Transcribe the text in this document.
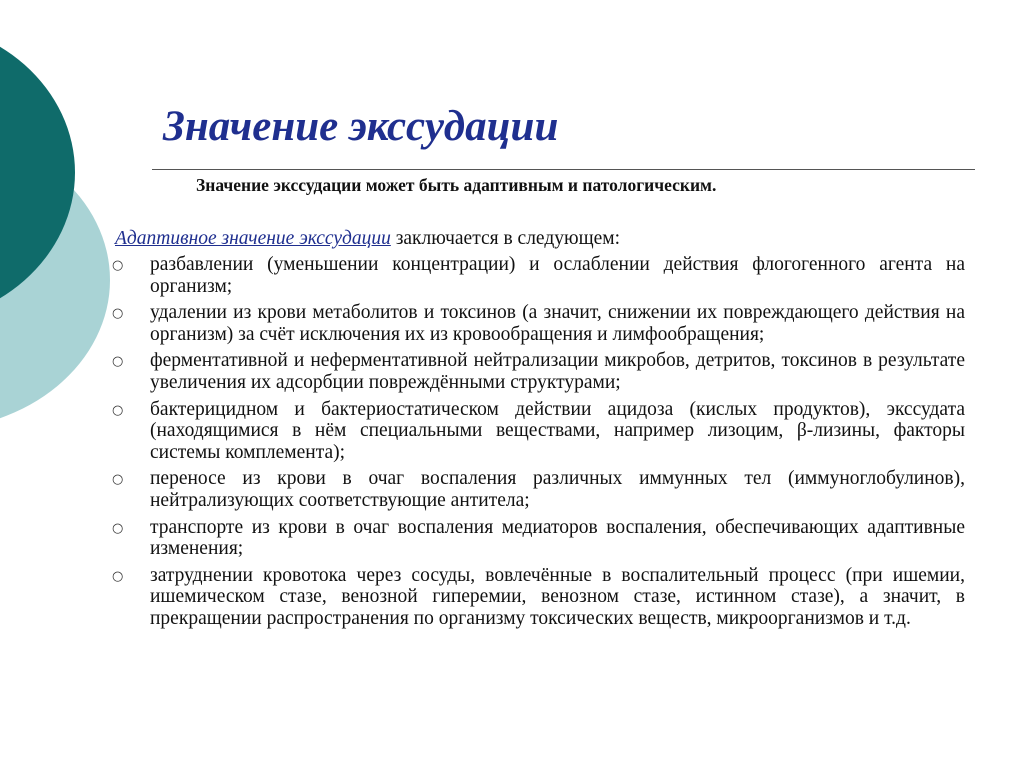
Значение экссудации
Значение экссудации может быть адаптивным и патологическим.
Адаптивное значение экссудации заключается в следующем:
○ разбавлении (уменьшении концентрации) и ослаблении действия флогогенного агента на организм;
○ удалении из крови метаболитов и токсинов (а значит, снижении их повреждающего действия на организм) за счёт исключения их из кровообращения и лимфообращения;
○ ферментативной и неферментативной нейтрализации микробов, детритов, токсинов в результате увеличения их адсорбции повреждёнными структурами;
○ бактерицидном и бактериостатическом действии ацидоза (кислых продуктов), экссудата (находящимися в нём специальными веществами, например лизоцим, β-лизины, факторы системы комплемента);
○ переносе из крови в очаг воспаления различных иммунных тел (иммуноглобулинов), нейтрализующих соответствующие антитела;
○ транспорте из крови в очаг воспаления медиаторов воспаления, обеспечивающих адаптивные изменения;
○ затруднении кровотока через сосуды, вовлечённые в воспалительный процесс (при ишемии, ишемическом стазе, венозной гиперемии, венозном стазе, истинном стазе), а значит, в прекращении распространения по организму токсических веществ, микроорганизмов и т.д.
